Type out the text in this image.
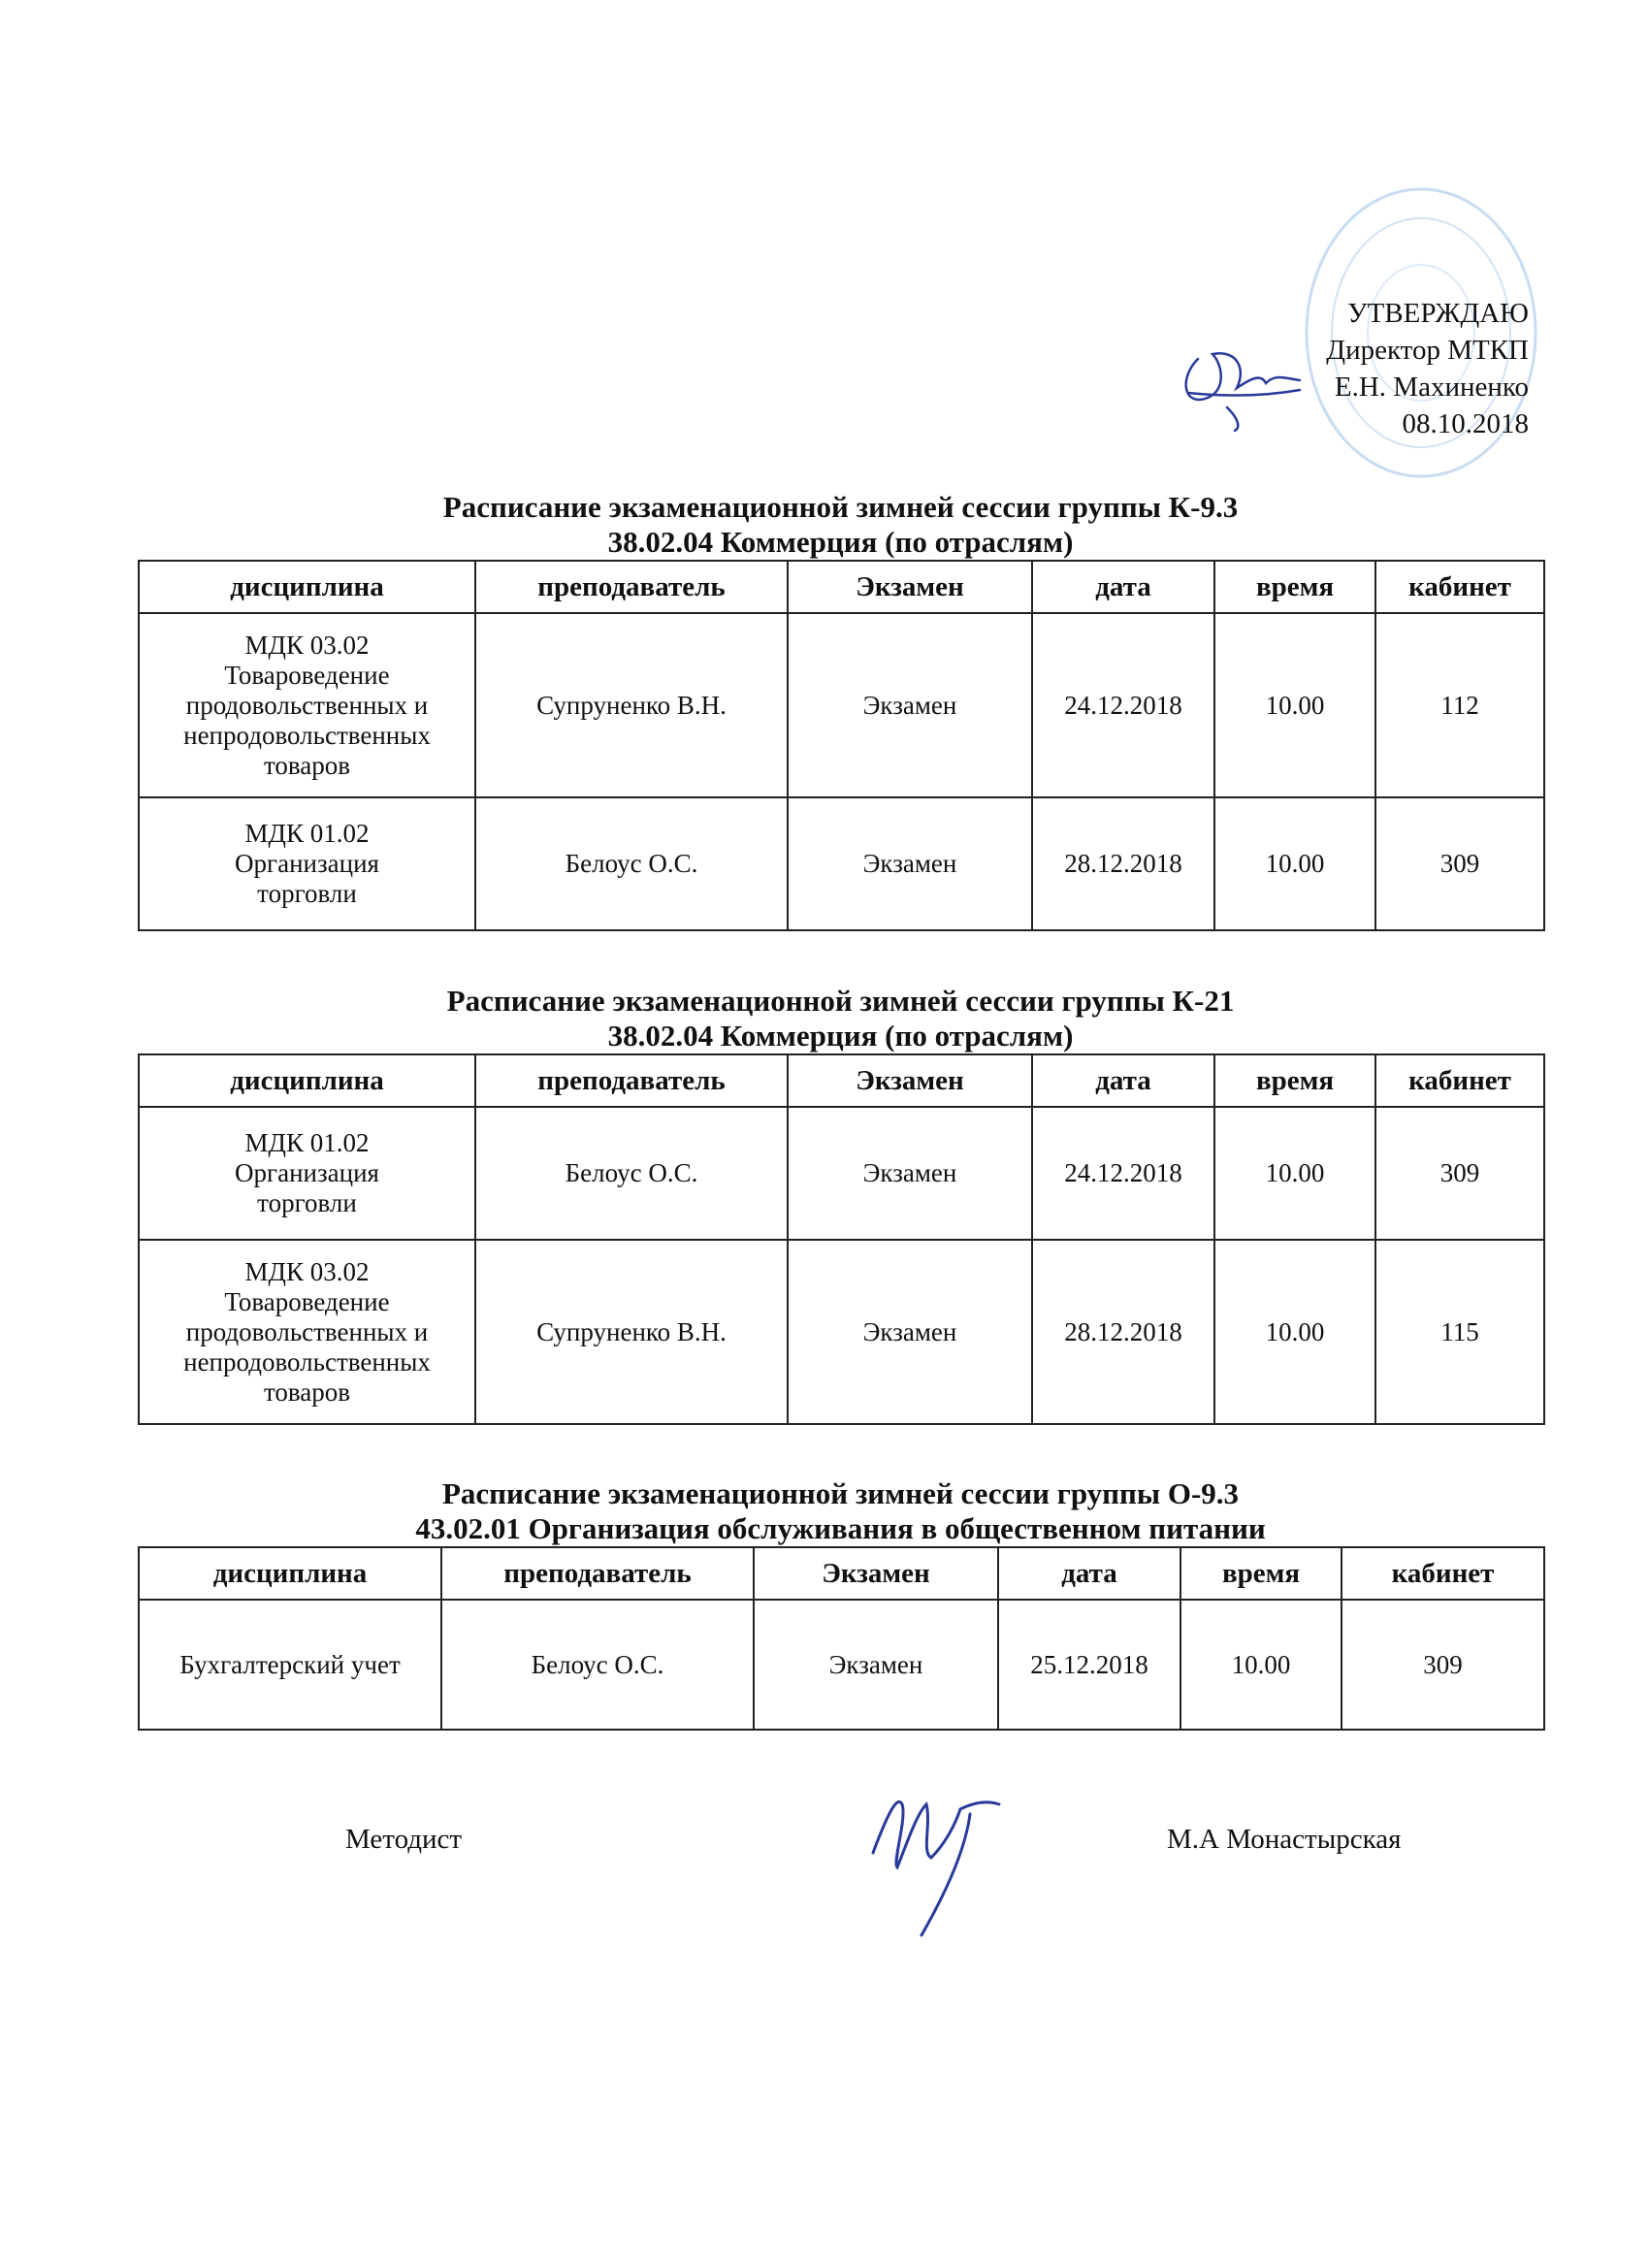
УТВЕРЖДАЮ
Директор МТКП
Е.Н. Махиненко
08.10.2018
Расписание экзаменационной зимней сессии группы К-9.3
38.02.04 Коммерция (по отраслям)
дисциплина	преподаватель	Экзамен	дата	время	кабинет

МДК 03.02
Товароведение
продовольственных и
непродовольственных
товаров	Супруненко В.Н.	Экзамен	24.12.2018	10.00	112

МДК 01.02
Организация
торговли	Белоус О.С.	Экзамен	28.12.2018	10.00	309
Расписание экзаменационной зимней сессии группы К-21
38.02.04 Коммерция (по отраслям)
дисциплина	преподаватель	Экзамен	дата	время	кабинет

МДК 01.02
Организация
торговли	Белоус О.С.	Экзамен	24.12.2018	10.00	309

МДК 03.02
Товароведение
продовольственных и
непродовольственных
товаров	Супруненко В.Н.	Экзамен	28.12.2018	10.00	115
Расписание экзаменационной зимней сессии группы О-9.3
43.02.01 Организация обслуживания в общественном питании
дисциплина	преподаватель	Экзамен	дата	время	кабинет

Бухгалтерский учет	Белоус О.С.	Экзамен	25.12.2018	10.00	309
Методист	М.А Монастырская
